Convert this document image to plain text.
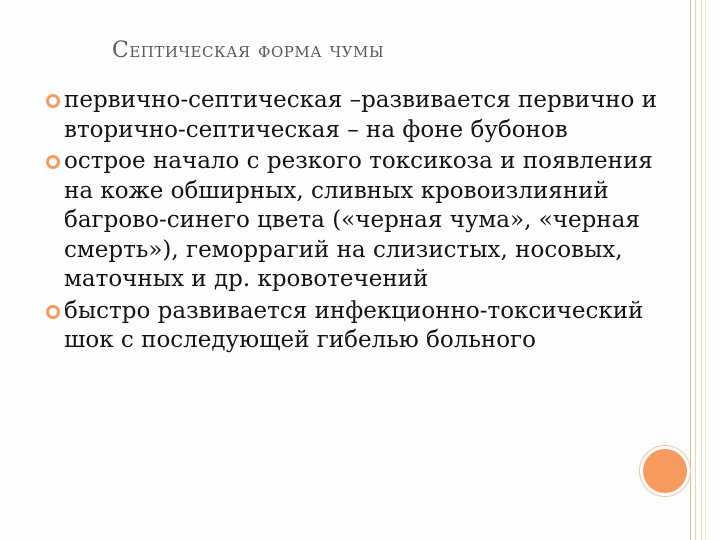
Септическая форма чумы
первично-септическая –развивается первично и вторично-септическая – на фоне бубонов
острое начало с резкого токсикоза и появления на коже обширных, сливных кровоизлияний багрово-синего цвета («черная чума», «черная смерть»), геморрагий на слизистых, носовых, маточных и др. кровотечений
быстро развивается инфекционно-токсический шок с последующей гибелью больного
